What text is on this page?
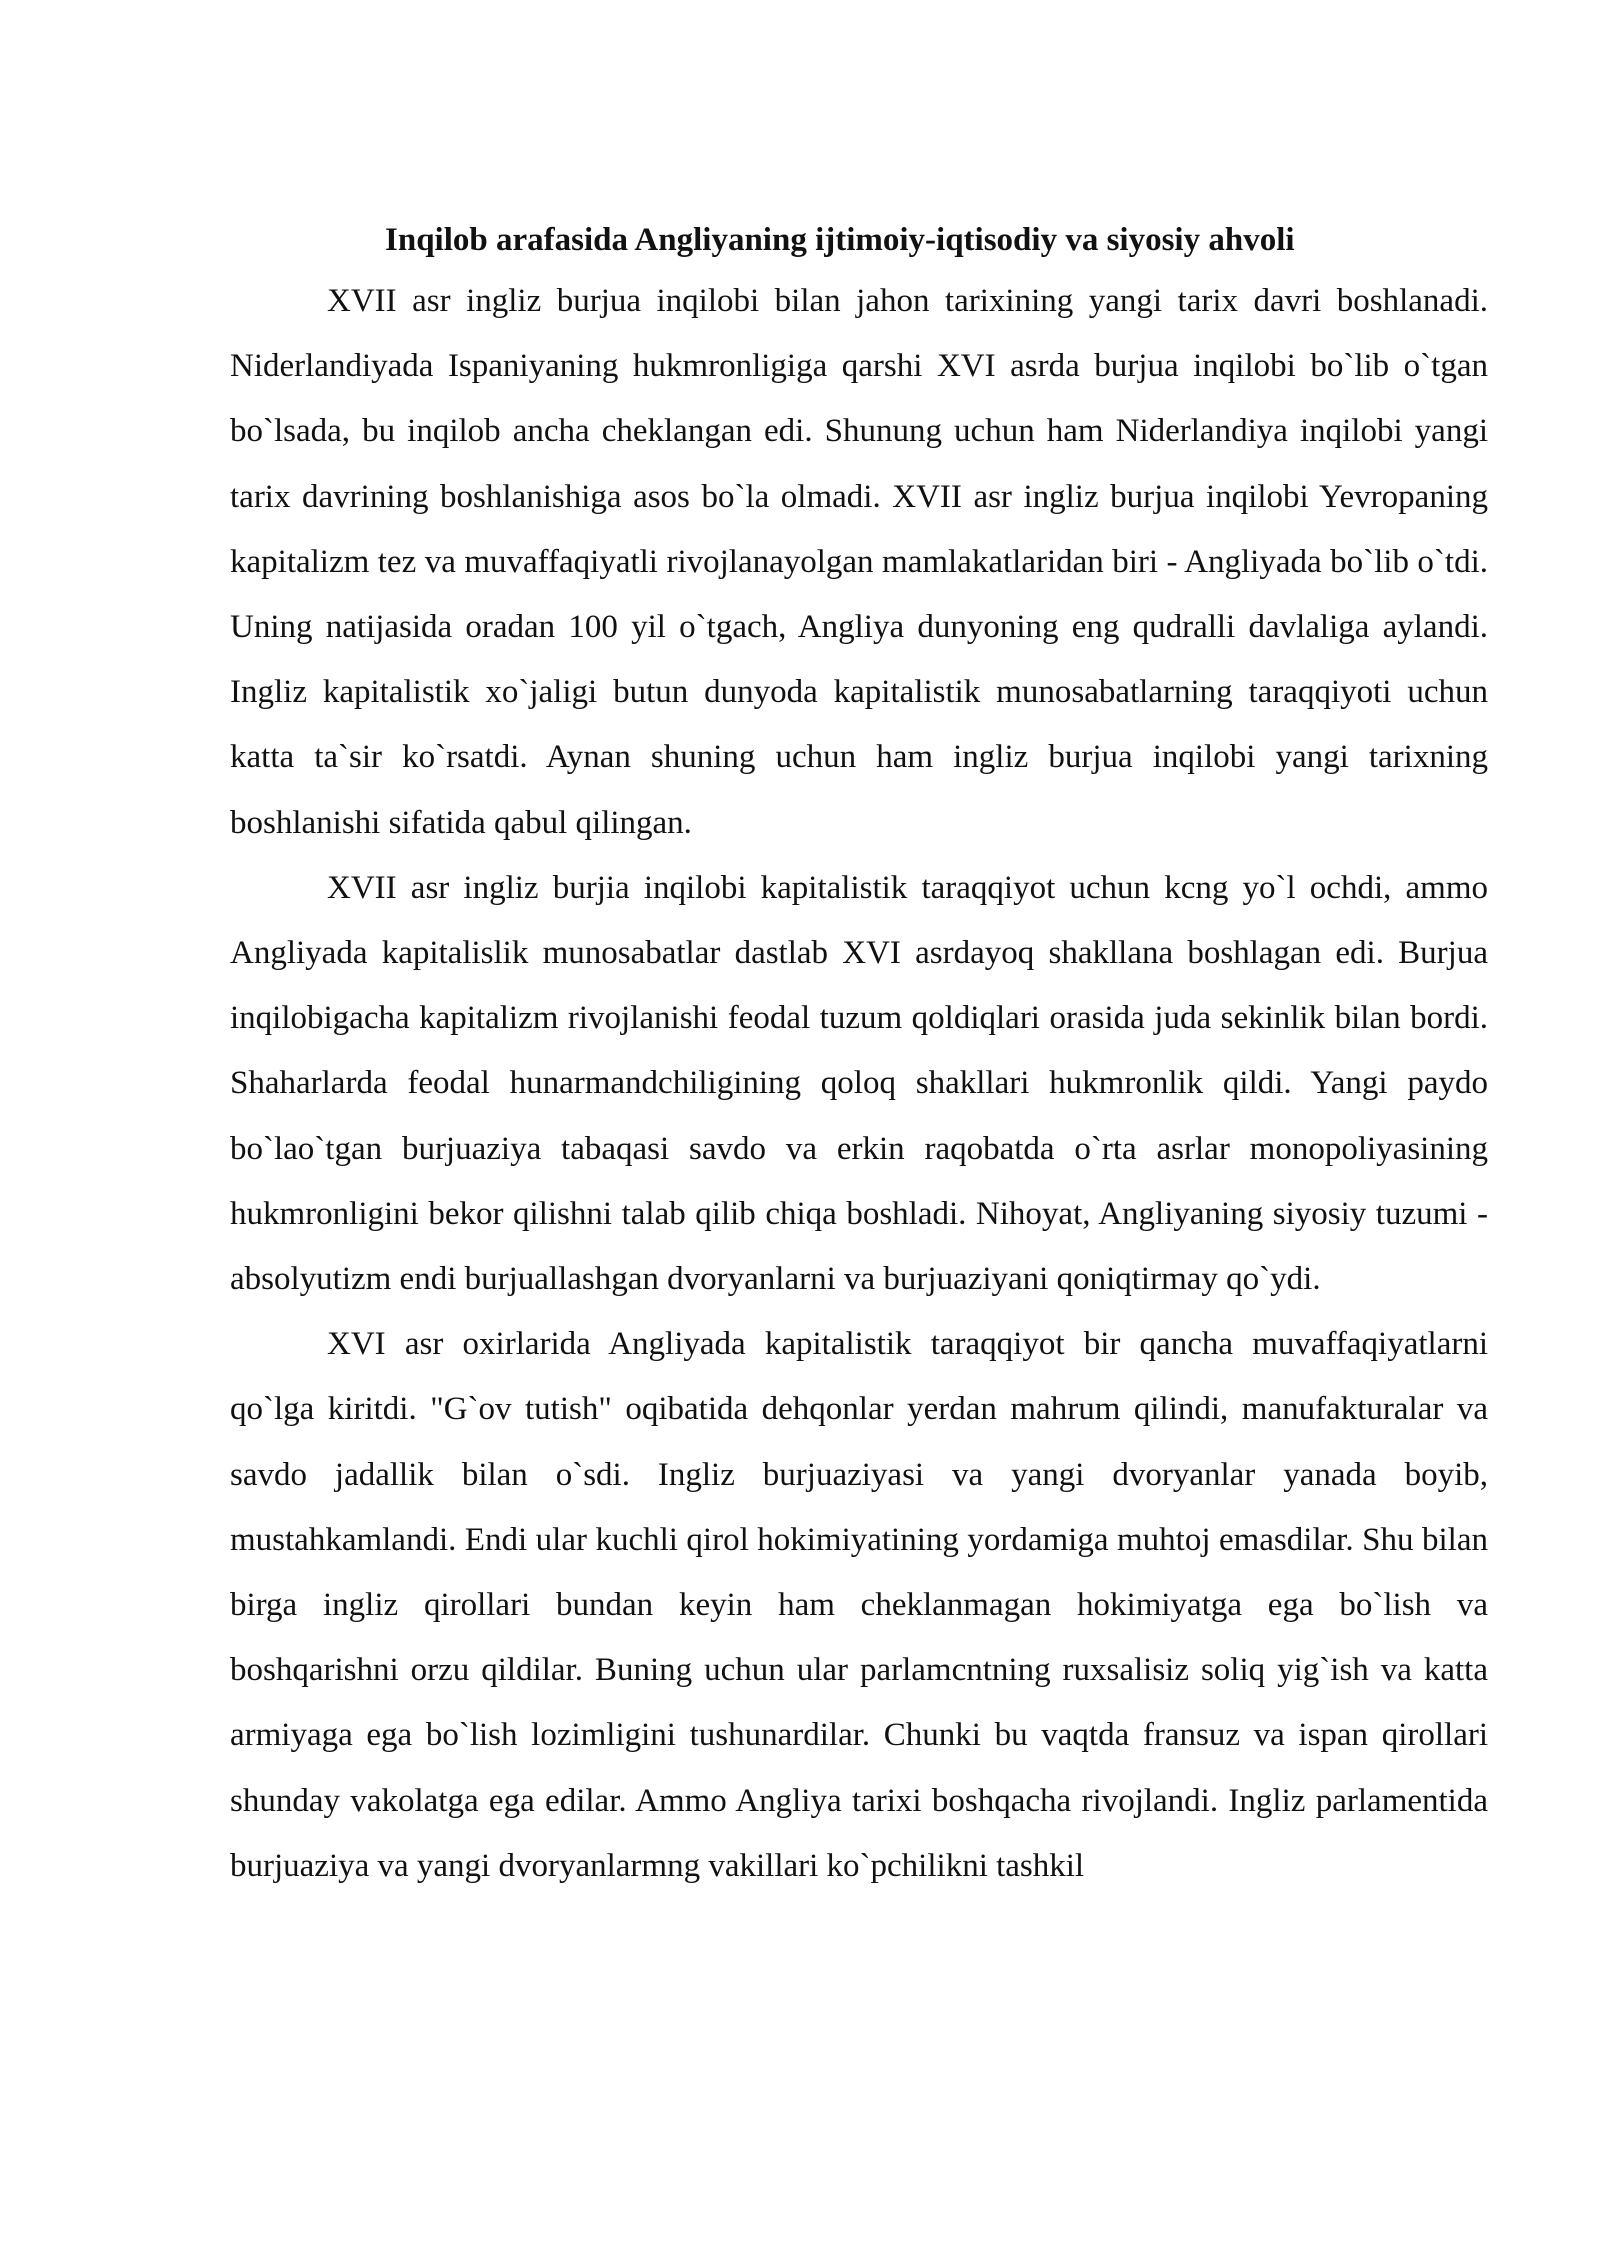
Inqilob arafasida Angliyaning ijtimoiy-iqtisodiy va siyosiy ahvoli

XVII asr ingliz burjua inqilobi bilan jahon tarixining yangi tarix davri boshlanadi. Niderlandiyada Ispaniyaning hukmronligiga qarshi XVI asrda burjua inqilobi bo`lib o`tgan bo`lsada, bu inqilob ancha cheklangan edi. Shunung uchun ham Niderlandiya inqilobi yangi tarix davrining boshlanishiga asos bo`la olmadi. XVII asr ingliz burjua inqilobi Yevropaning kapitalizm tez va muvaffaqiyatli rivojlanayolgan mamlakatlaridan biri - Angliyada bo`lib o`tdi. Uning natijasida oradan 100 yil o`tgach, Angliya dunyoning eng qudralli davlaliga aylandi. Ingliz kapitalistik xo`jaligi butun dunyoda kapitalistik munosabatlarning taraqqiyoti uchun katta ta`sir ko`rsatdi. Aynan shuning uchun ham ingliz burjua inqilobi yangi tarixning boshlanishi sifatida qabul qilingan.

XVII asr ingliz burjia inqilobi kapitalistik taraqqiyot uchun kcng yo`l ochdi, ammo Angliyada kapitalislik munosabatlar dastlab XVI asrdayoq shakllana boshlagan edi. Burjua inqilobigacha kapitalizm rivojlanishi feodal tuzum qoldiqlari orasida juda sekinlik bilan bordi. Shaharlarda feodal hunarmandchiligining qoloq shakllari hukmronlik qildi. Yangi paydo bo`lao`tgan burjuaziya tabaqasi savdo va erkin raqobatda o`rta asrlar monopoliyasining hukmronligini bekor qilishni talab qilib chiqa boshladi. Nihoyat, Angliyaning siyosiy tuzumi - absolyutizm endi burjuallashgan dvoryanlarni va burjuaziyani qoniqtirmay qo`ydi.

XVI asr oxirlarida Angliyada kapitalistik taraqqiyot bir qancha muvaffaqiyatlarni qo`lga kiritdi. "G`ov tutish" oqibatida dehqonlar yerdan mahrum qilindi, manufakturalar va savdo jadallik bilan o`sdi. Ingliz burjuaziyasi va yangi dvoryanlar yanada boyib, mustahkamlandi. Endi ular kuchli qirol hokimiyatining yordamiga muhtoj emasdilar. Shu bilan birga ingliz qirollari bundan keyin ham cheklanmagan hokimiyatga ega bo`lish va boshqarishni orzu qildilar. Buning uchun ular parlamcntning ruxsalisiz soliq yig`ish va katta armiyaga ega bo`lish lozimligini tushunardilar. Chunki bu vaqtda fransuz va ispan qirollari shunday vakolatga ega edilar. Ammo Angliya tarixi boshqacha rivojlandi. Ingliz parlamentida burjuaziya va yangi dvoryanlarmng vakillari ko`pchilikni tashkil
